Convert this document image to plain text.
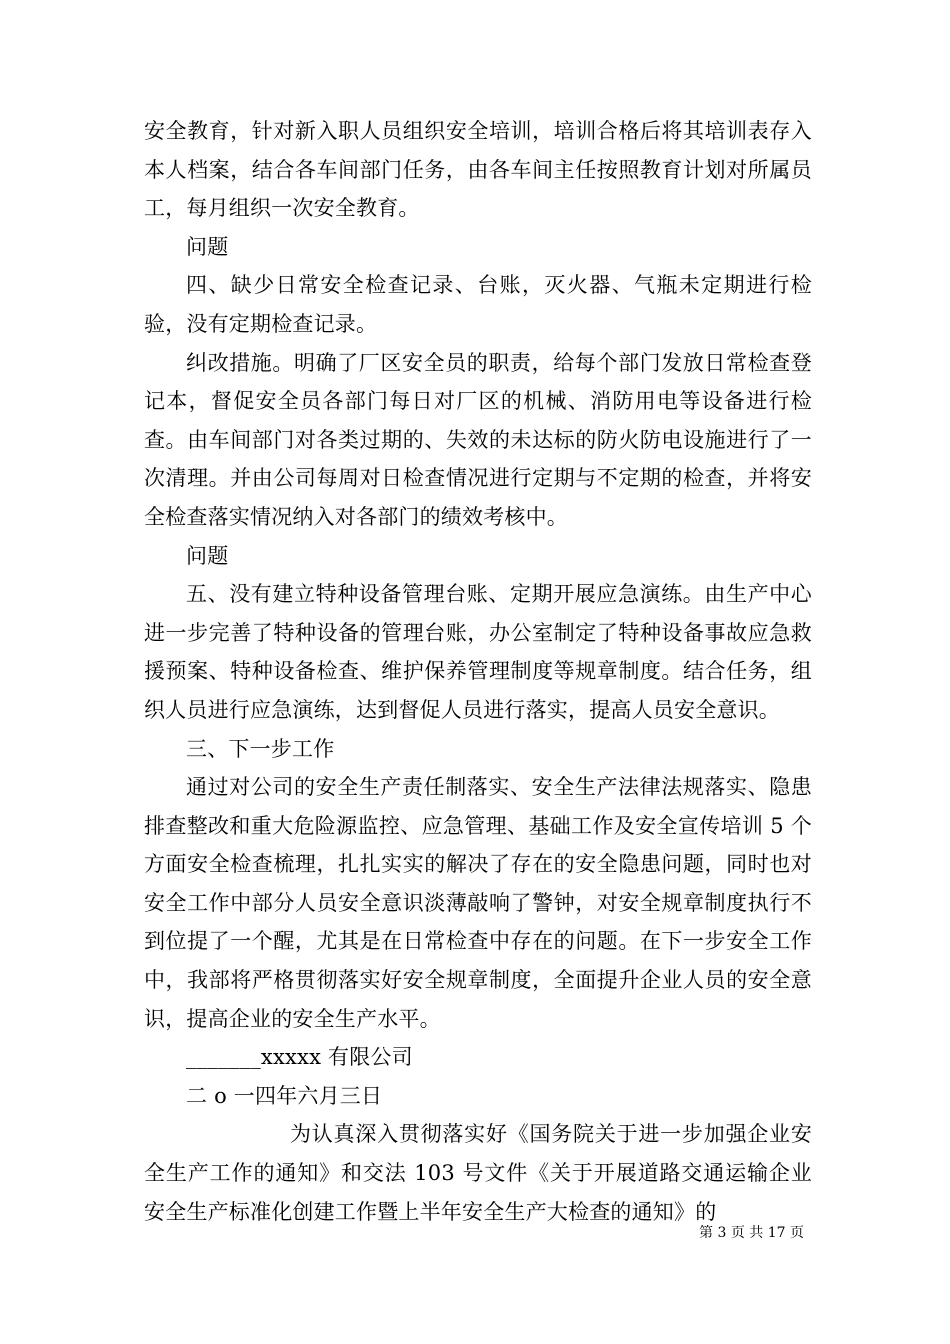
安全教育，针对新入职人员组织安全培训，培训合格后将其培训表存入本人档案，结合各车间部门任务，由各车间主任按照教育计划对所属员工，每月组织一次安全教育。

问题

四、缺少日常安全检查记录、台账，灭火器、气瓶未定期进行检验，没有定期检查记录。

纠改措施。明确了厂区安全员的职责，给每个部门发放日常检查登记本，督促安全员各部门每日对厂区的机械、消防用电等设备进行检查。由车间部门对各类过期的、失效的未达标的防火防电设施进行了一次清理。并由公司每周对日检查情况进行定期与不定期的检查，并将安全检查落实情况纳入对各部门的绩效考核中。

问题

五、没有建立特种设备管理台账、定期开展应急演练。由生产中心进一步完善了特种设备的管理台账，办公室制定了特种设备事故应急救援预案、特种设备检查、维护保养管理制度等规章制度。结合任务，组织人员进行应急演练，达到督促人员进行落实，提高人员安全意识。

三、下一步工作

通过对公司的安全生产责任制落实、安全生产法律法规落实、隐患排查整改和重大危险源监控、应急管理、基础工作及安全宣传培训 5 个方面安全检查梳理，扎扎实实的解决了存在的安全隐患问题，同时也对安全工作中部分人员安全意识淡薄敲响了警钟，对安全规章制度执行不到位提了一个醒，尤其是在日常检查中存在的问题。在下一步安全工作中，我部将严格贯彻落实好安全规章制度，全面提升企业人员的安全意识，提高企业的安全生产水平。

_______xxxxx 有限公司

二 o 一四年六月三日

为认真深入贯彻落实好《国务院关于进一步加强企业安全生产工作的通知》和交法 103 号文件《关于开展道路交通运输企业安全生产标准化创建工作暨上半年安全生产大检查的通知》的

第 3 页 共 17 页
